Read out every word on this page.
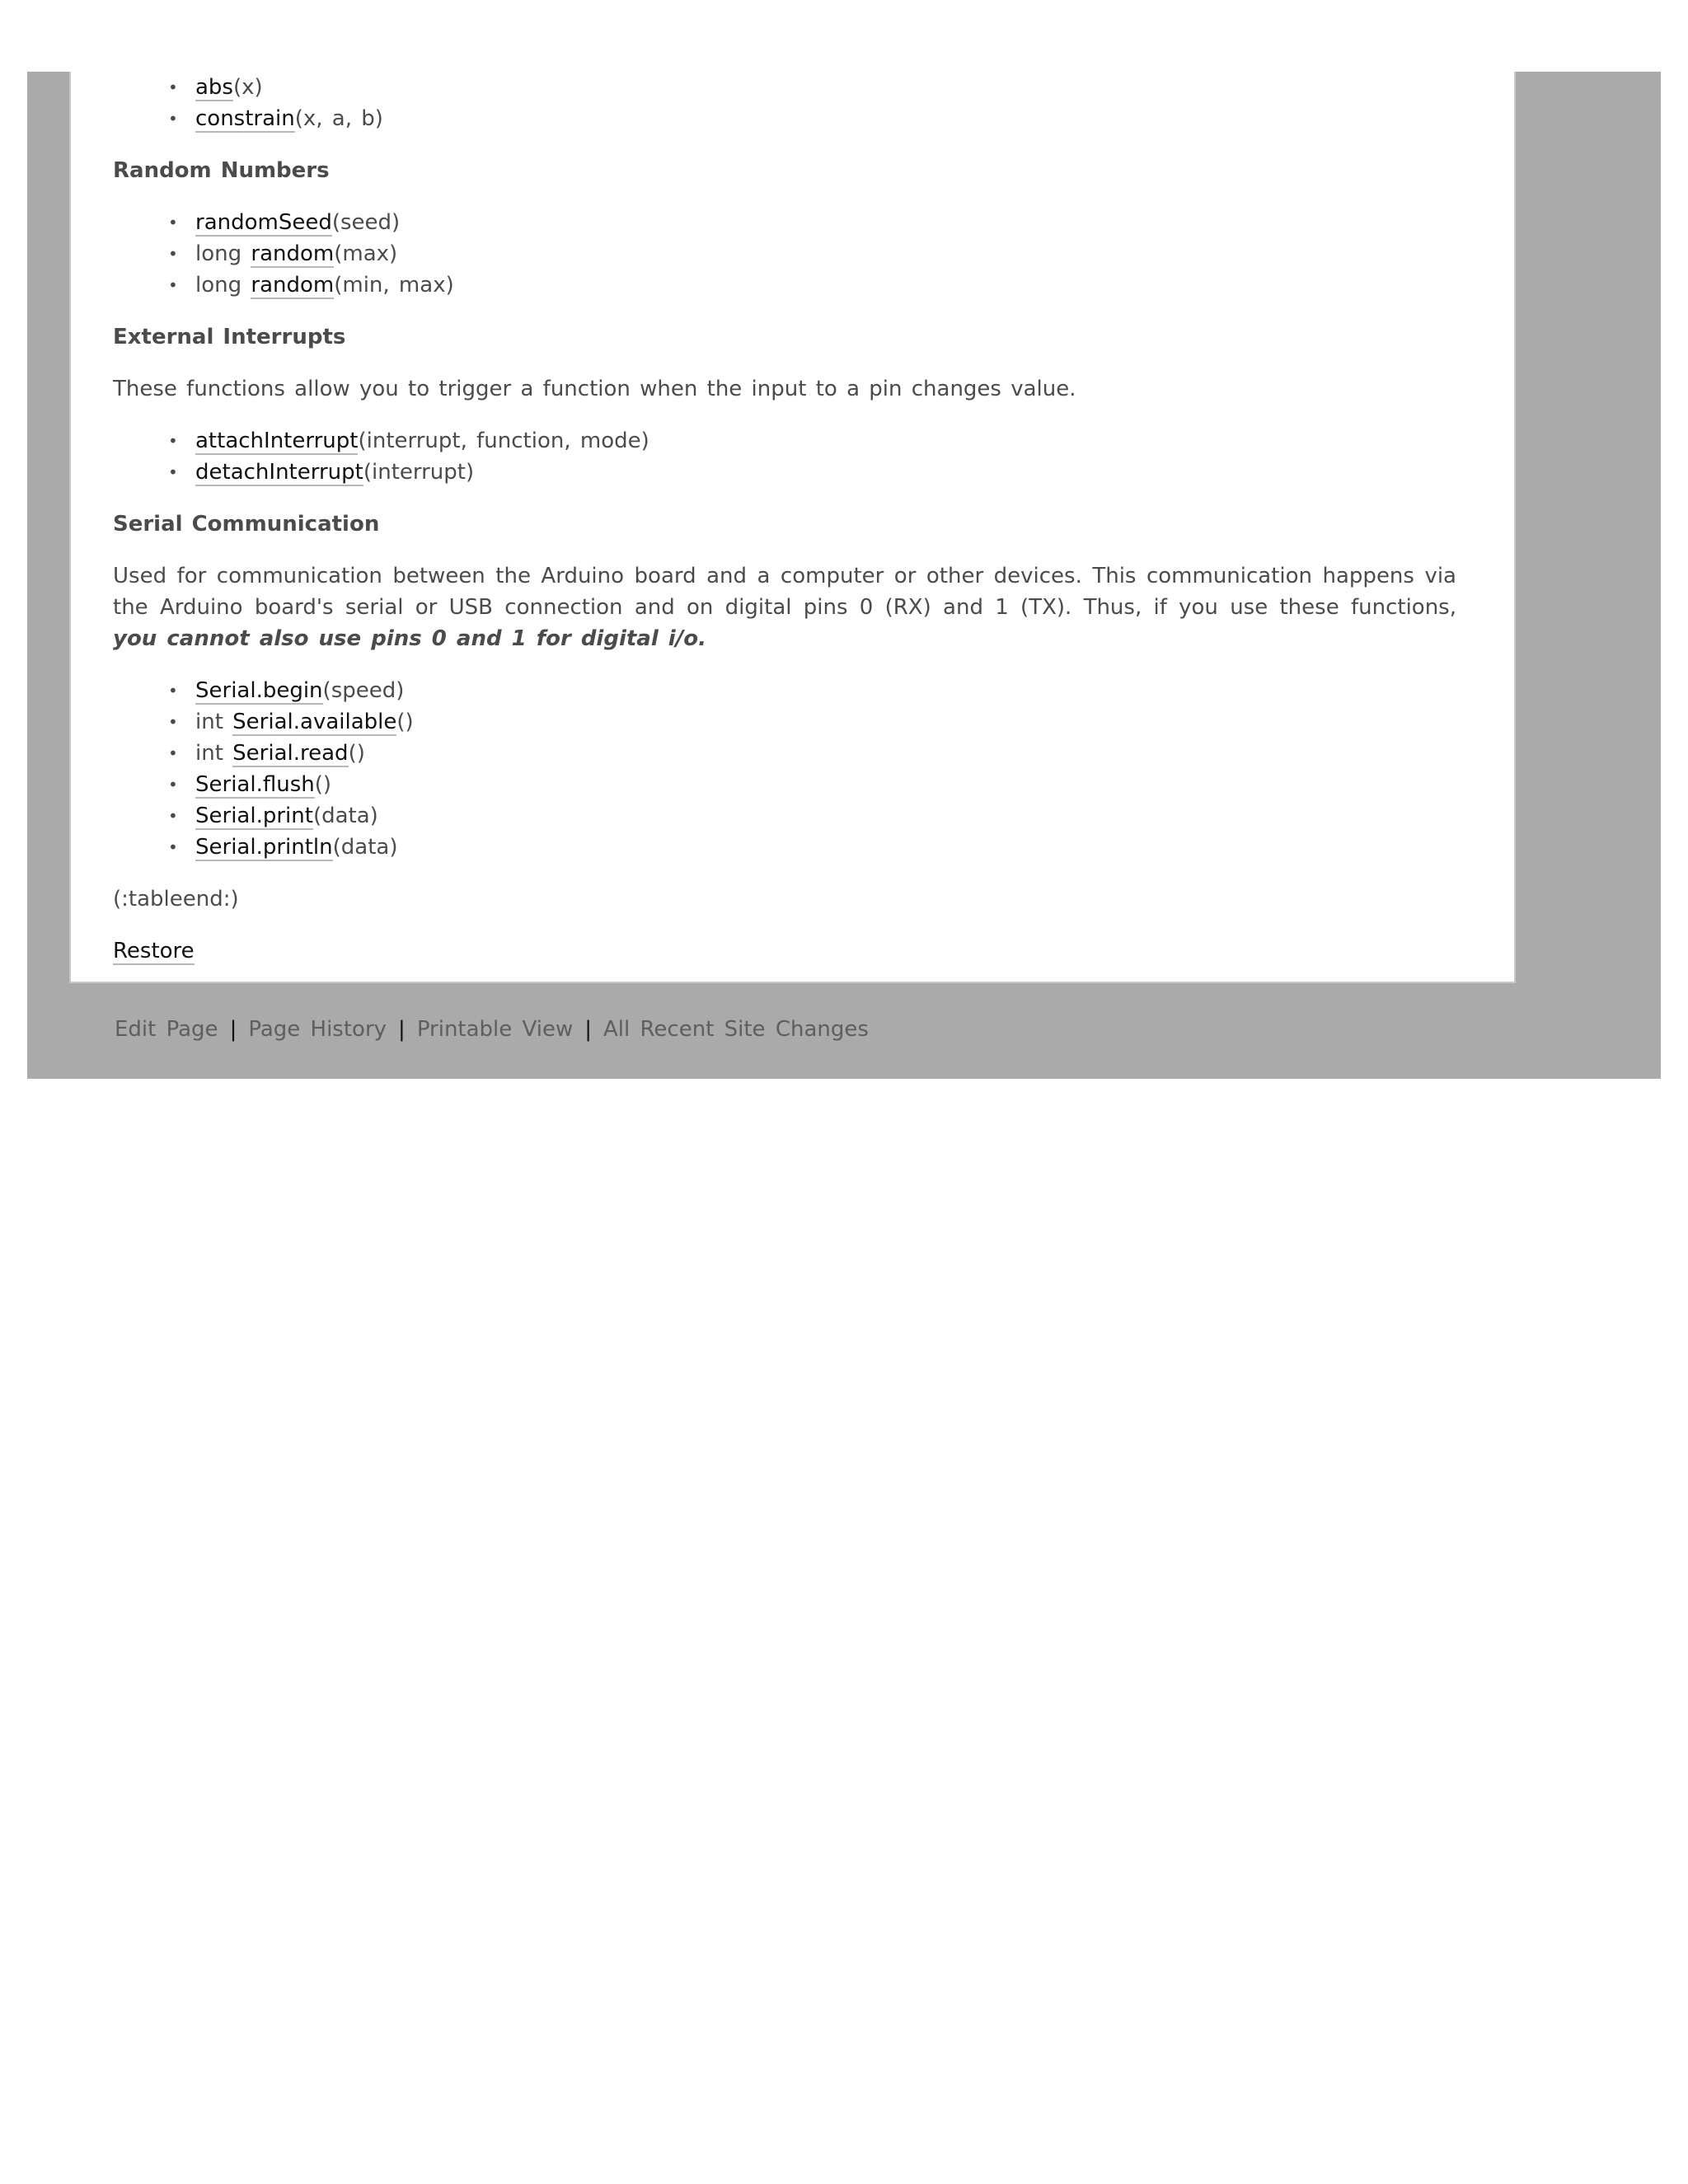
• abs(x)
• constrain(x, a, b)
Random Numbers
• randomSeed(seed)
• long random(max)
• long random(min, max)
External Interrupts

These functions allow you to trigger a function when the input to a pin changes value.

• attachInterrupt(interrupt, function, mode)
• detachInterrupt(interrupt)
Serial Communication

Used for communication between the Arduino board and a computer or other devices. This communication happens via the Arduino board's serial or USB connection and on digital pins 0 (RX) and 1 (TX). Thus, if you use these functions, you cannot also use pins 0 and 1 for digital i/o.

• Serial.begin(speed)
• int Serial.available()
• int Serial.read()
• Serial.flush()
• Serial.print(data)
• Serial.println(data)

(:tableend:)

Restore

Edit Page | Page History | Printable View | All Recent Site Changes
